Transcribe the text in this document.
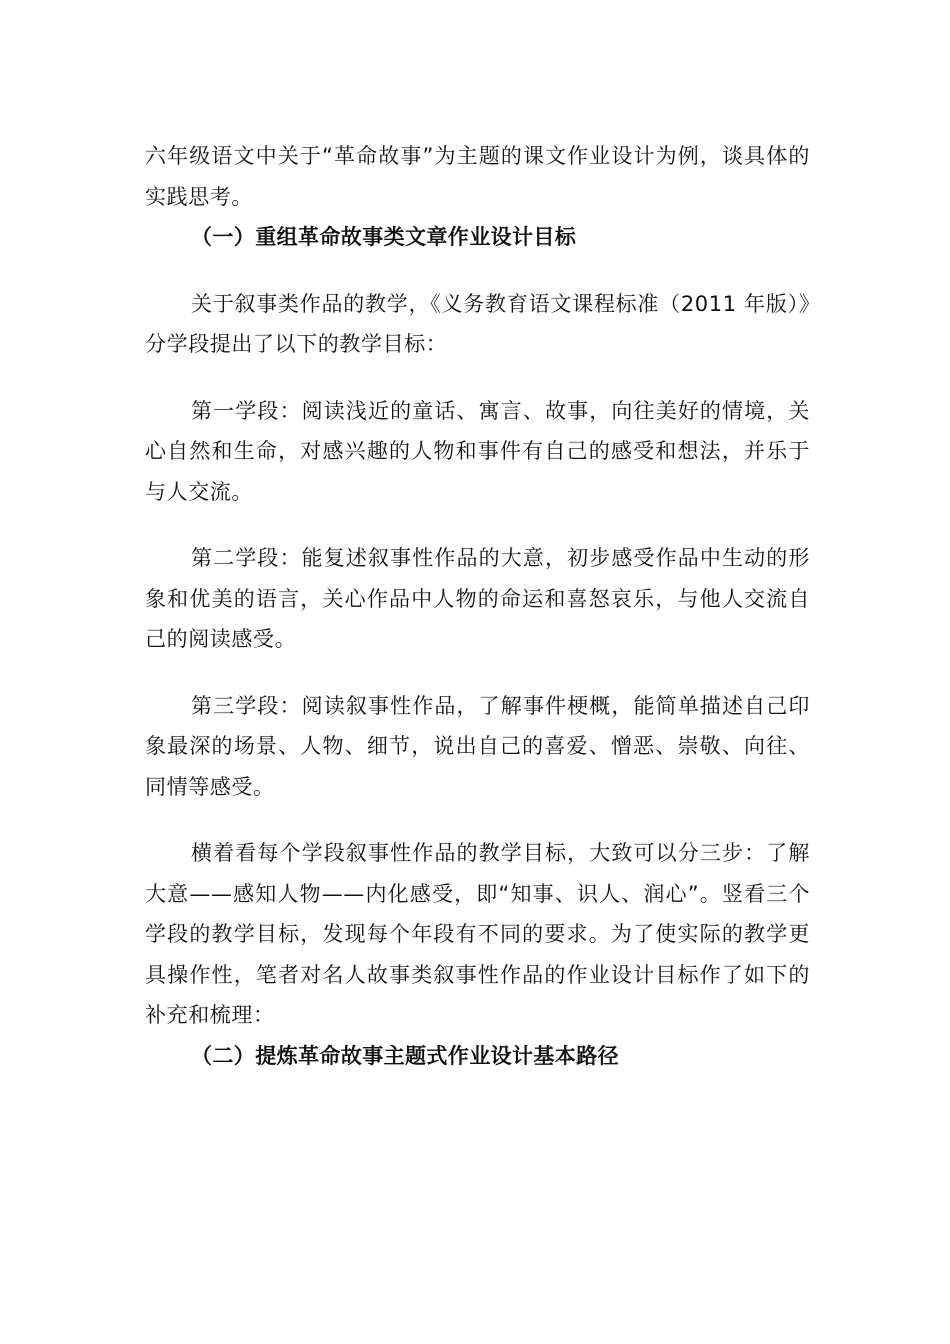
六年级语文中关于“革命故事”为主题的课文作业设计为例，谈具体的实践思考。

（一）重组革命故事类文章作业设计目标

关于叙事类作品的教学，《义务教育语文课程标准（2011 年版）》分学段提出了以下的教学目标：

第一学段：阅读浅近的童话、寓言、故事，向往美好的情境，关心自然和生命，对感兴趣的人物和事件有自己的感受和想法，并乐于与人交流。

第二学段：能复述叙事性作品的大意，初步感受作品中生动的形象和优美的语言，关心作品中人物的命运和喜怒哀乐，与他人交流自己的阅读感受。

第三学段：阅读叙事性作品，了解事件梗概，能简单描述自己印象最深的场景、人物、细节，说出自己的喜爱、憎恶、崇敬、向往、同情等感受。

横着看每个学段叙事性作品的教学目标，大致可以分三步：了解大意——感知人物——内化感受，即“知事、识人、润心”。竖看三个学段的教学目标，发现每个年段有不同的要求。为了使实际的教学更具操作性，笔者对名人故事类叙事性作品的作业设计目标作了如下的补充和梳理：

（二）提炼革命故事主题式作业设计基本路径
